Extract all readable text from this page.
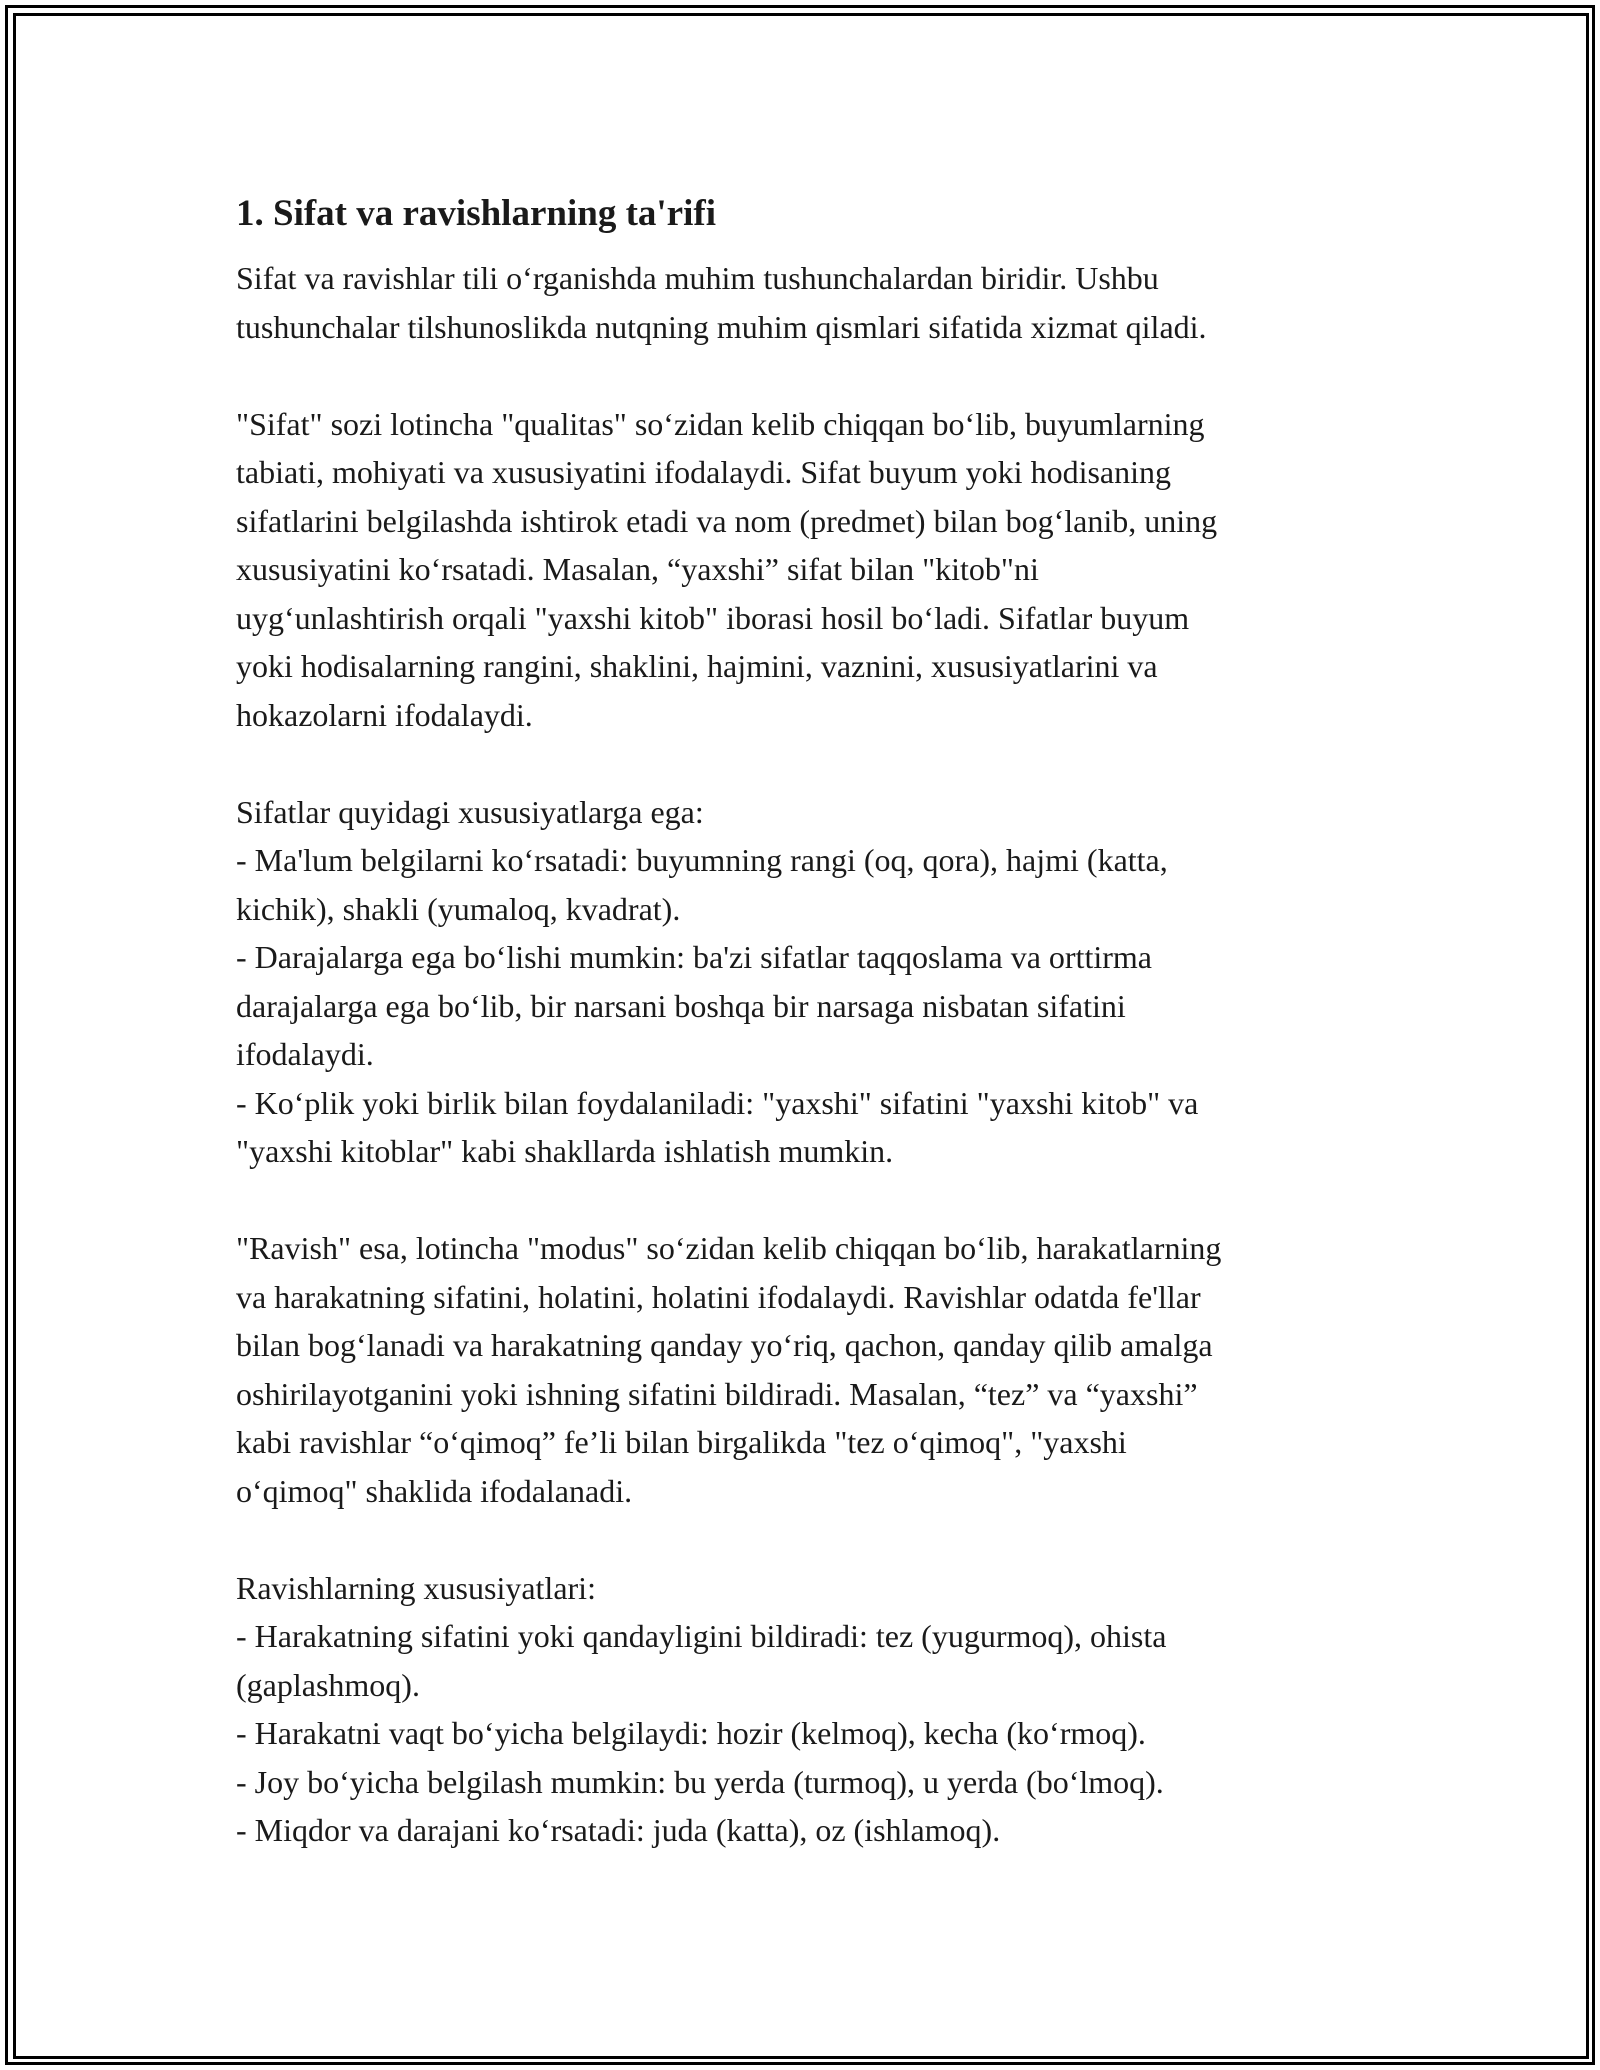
1. Sifat va ravishlarning ta'rifi
Sifat va ravishlar tili o‘rganishda muhim tushunchalardan biridir. Ushbu
tushunchalar tilshunoslikda nutqning muhim qismlari sifatida xizmat qiladi.
"Sifat" sozi lotincha "qualitas" so‘zidan kelib chiqqan bo‘lib, buyumlarning
tabiati, mohiyati va xususiyatini ifodalaydi. Sifat buyum yoki hodisaning
sifatlarini belgilashda ishtirok etadi va nom (predmet) bilan bog‘lanib, uning
xususiyatini ko‘rsatadi. Masalan, “yaxshi” sifat bilan "kitob"ni
uyg‘unlashtirish orqali "yaxshi kitob" iborasi hosil bo‘ladi. Sifatlar buyum
yoki hodisalarning rangini, shaklini, hajmini, vaznini, xususiyatlarini va
hokazolarni ifodalaydi.
Sifatlar quyidagi xususiyatlarga ega:
- Ma'lum belgilarni ko‘rsatadi: buyumning rangi (oq, qora), hajmi (katta,
kichik), shakli (yumaloq, kvadrat).
- Darajalarga ega bo‘lishi mumkin: ba'zi sifatlar taqqoslama va orttirma
darajalarga ega bo‘lib, bir narsani boshqa bir narsaga nisbatan sifatini
ifodalaydi.
- Ko‘plik yoki birlik bilan foydalaniladi: "yaxshi" sifatini "yaxshi kitob" va
"yaxshi kitoblar" kabi shakllarda ishlatish mumkin.
"Ravish" esa, lotincha "modus" so‘zidan kelib chiqqan bo‘lib, harakatlarning
va harakatning sifatini, holatini, holatini ifodalaydi. Ravishlar odatda fe'llar
bilan bog‘lanadi va harakatning qanday yo‘riq, qachon, qanday qilib amalga
oshirilayotganini yoki ishning sifatini bildiradi. Masalan, “tez” va “yaxshi”
kabi ravishlar “o‘qimoq” fe’li bilan birgalikda "tez o‘qimoq", "yaxshi
o‘qimoq" shaklida ifodalanadi.
Ravishlarning xususiyatlari:
- Harakatning sifatini yoki qandayligini bildiradi: tez (yugurmoq), ohista
(gaplashmoq).
- Harakatni vaqt bo‘yicha belgilaydi: hozir (kelmoq), kecha (ko‘rmoq).
- Joy bo‘yicha belgilash mumkin: bu yerda (turmoq), u yerda (bo‘lmoq).
- Miqdor va darajani ko‘rsatadi: juda (katta), oz (ishlamoq).
